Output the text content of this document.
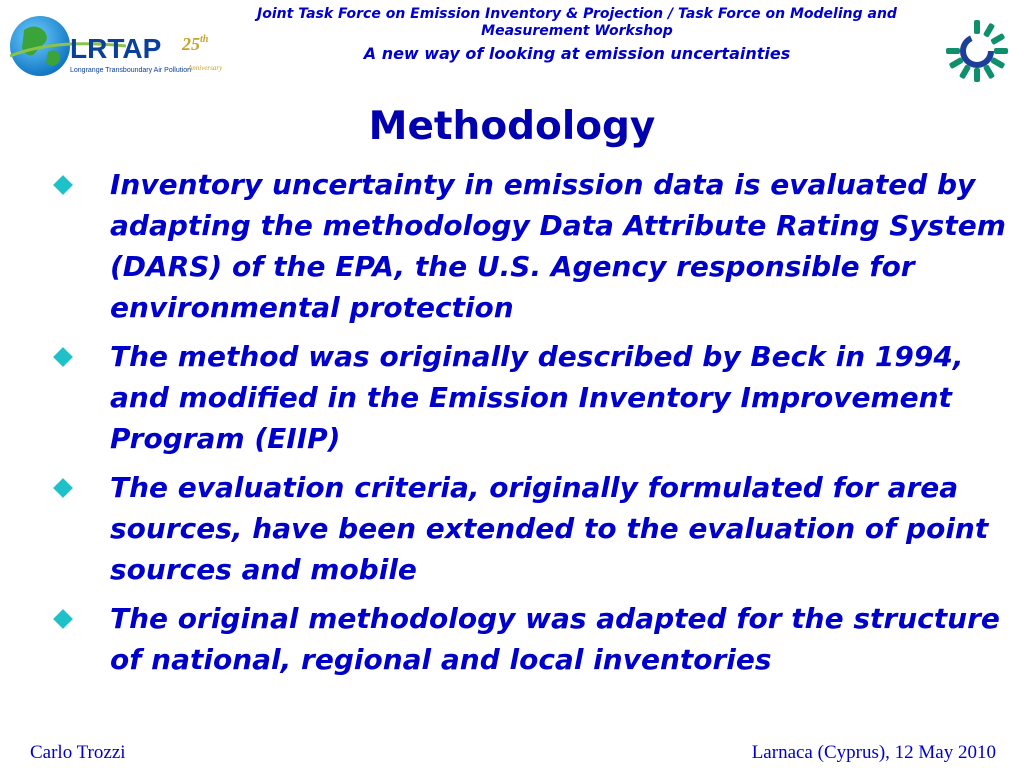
LRTAP 25th
Anniversary
Longrange Transboundary Air Pollution
Joint Task Force on Emission Inventory & Projection / Task Force on Modeling and Measurement Workshop
A new way of looking at emission uncertainties
Methodology
Inventory uncertainty in emission data is evaluated by adapting the methodology Data Attribute Rating System (DARS) of the EPA, the U.S. Agency responsible for environmental protection
The method was originally described by Beck in 1994, and modified in the Emission Inventory Improvement Program (EIIP)
The evaluation criteria, originally formulated for area sources, have been extended to the evaluation of point sources and mobile
The original methodology was adapted for the structure of national, regional and local inventories
Carlo Trozzi	Larnaca (Cyprus), 12 May 2010
